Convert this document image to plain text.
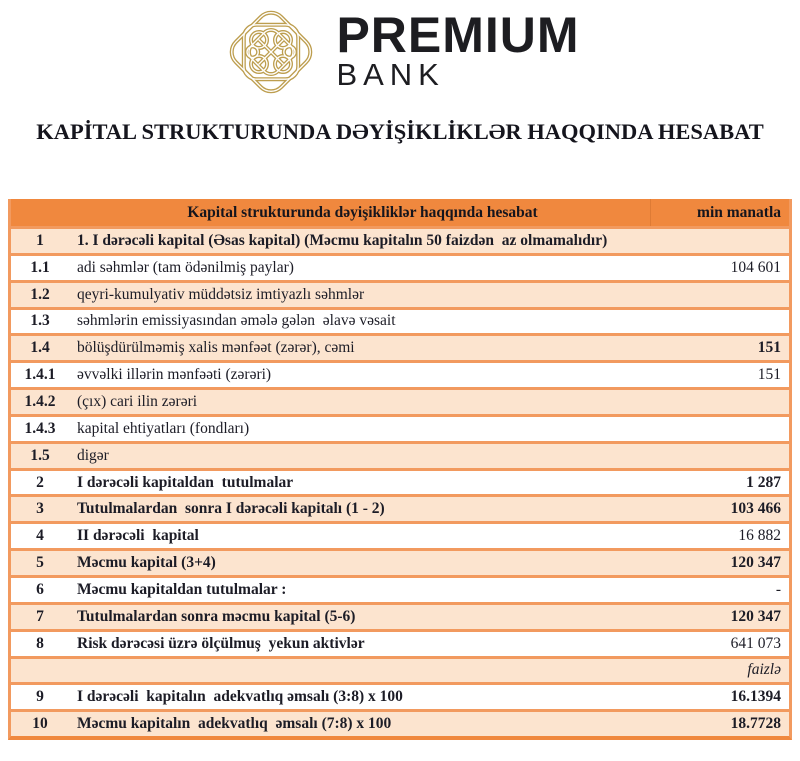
PREMIUM
BANK
KAPİTAL STRUKTURUNDA DƏYİŞİKLİKLƏR HAQQINDA HESABAT
Kapital strukturunda dəyişikliklər haqqında hesabat	min manatla
1	1. I dərəcəli kapital (Əsas kapital) (Məcmu kapitalın 50 faizdən  az olmamalıdır)
1.1	adi səhmlər (tam ödənilmiş paylar)	104 601
1.2	qeyri-kumulyativ müddətsiz imtiyazlı səhmlər
1.3	səhmlərin emissiyasından əmələ gələn  əlavə vəsait
1.4	bölüşdürülməmiş xalis mənfəət (zərər), cəmi	151
1.4.1	əvvəlki illərin mənfəəti (zərəri)	151
1.4.2	(çıx) cari ilin zərəri
1.4.3	kapital ehtiyatları (fondları)
1.5	digər
2	I dərəcəli kapitaldan  tutulmalar	1 287
3	Tutulmalardan  sonra I dərəcəli kapitalı (1 - 2)	103 466
4	II dərəcəli  kapital	16 882
5	Məcmu kapital (3+4)	120 347
6	Məcmu kapitaldan tutulmalar :	-
7	Tutulmalardan sonra məcmu kapital (5-6)	120 347
8	Risk dərəcəsi üzrə ölçülmuş  yekun aktivlər	641 073
faizlə
9	I dərəcəli  kapitalın  adekvatlıq əmsalı (3:8) x 100	16.1394
10	Məcmu kapitalın  adekvatlıq  əmsalı (7:8) x 100	18.7728
